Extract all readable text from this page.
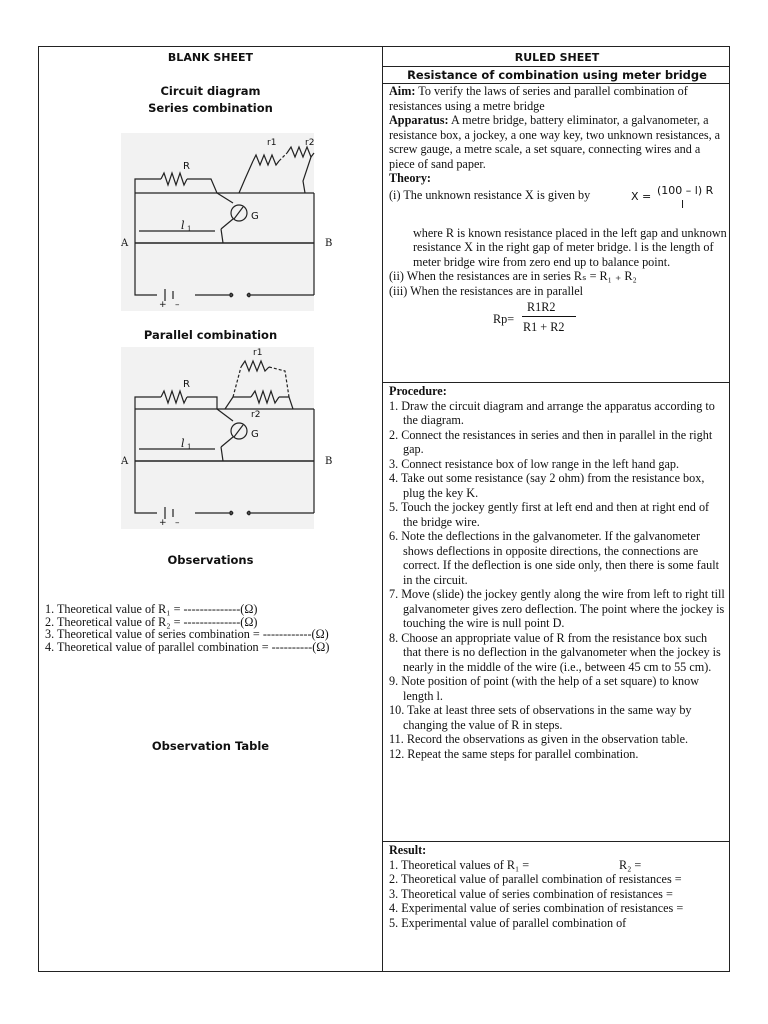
BLANK SHEET
Circuit diagram
Series combination
R
r1	r2
G
l 1
A	B
+ –
Parallel combination
R
r1
r2
G
l 1
A	B
+ –
Observations
1. Theoretical value of R₁ = --------------(Ω)
2. Theoretical value of R₂ = --------------(Ω)
3. Theoretical value of series combination = ------------(Ω)
4. Theoretical value of parallel combination = ----------(Ω)
Observation Table
RULED SHEET
Resistance of combination using meter bridge
Aim: To verify the laws of series and parallel combination of resistances using a metre bridge
Apparatus: A metre bridge, battery eliminator, a galvanometer, a resistance box, a jockey, a one way key, two unknown resistances, a screw gauge, a metre scale, a set square, connecting wires and a piece of sand paper.
Theory:
(i) The unknown resistance X is given by	X = (100 – l) R
l
where R is known resistance placed in the left gap and unknown resistance X in the right gap of meter bridge. l is the length of meter bridge wire from zero end up to balance point.
(ii) When the resistances are in series Rₛ = R₁ ₊ R₂
(iii) When the resistances are in parallel
Rp=
R1R2
R1 + R2
Procedure:
1. Draw the circuit diagram and arrange the apparatus according to the diagram.
2. Connect the resistances in series and then in parallel in the right gap.
3. Connect resistance box of low range in the left hand gap.
4. Take out some resistance (say 2 ohm) from the resistance box, plug the key K.
5. Touch the jockey gently first at left end and then at right end of the bridge wire.
6. Note the deflections in the galvanometer. If the galvanometer shows deflections in opposite directions, the connections are correct. If the deflection is one side only, then there is some fault in the circuit.
7. Move (slide) the jockey gently along the wire from left to right till galvanometer gives zero deflection. The point where the jockey is touching the wire is null point D.
8. Choose an appropriate value of R from the resistance box such that there is no deflection in the galvanometer when the jockey is nearly in the middle of the wire (i.e., between 45 cm to 55 cm).
9. Note position of point (with the help of a set square) to know length l.
10. Take at least three sets of observations in the same way by changing the value of R in steps.
11. Record the observations as given in the observation table.
12. Repeat the same steps for parallel combination.
Result:
1. Theoretical values of R₁ =	R₂ =
2. Theoretical value of parallel combination of resistances =
3. Theoretical value of series combination of resistances =
4. Experimental value of series combination of resistances =
5. Experimental value of parallel combination of
